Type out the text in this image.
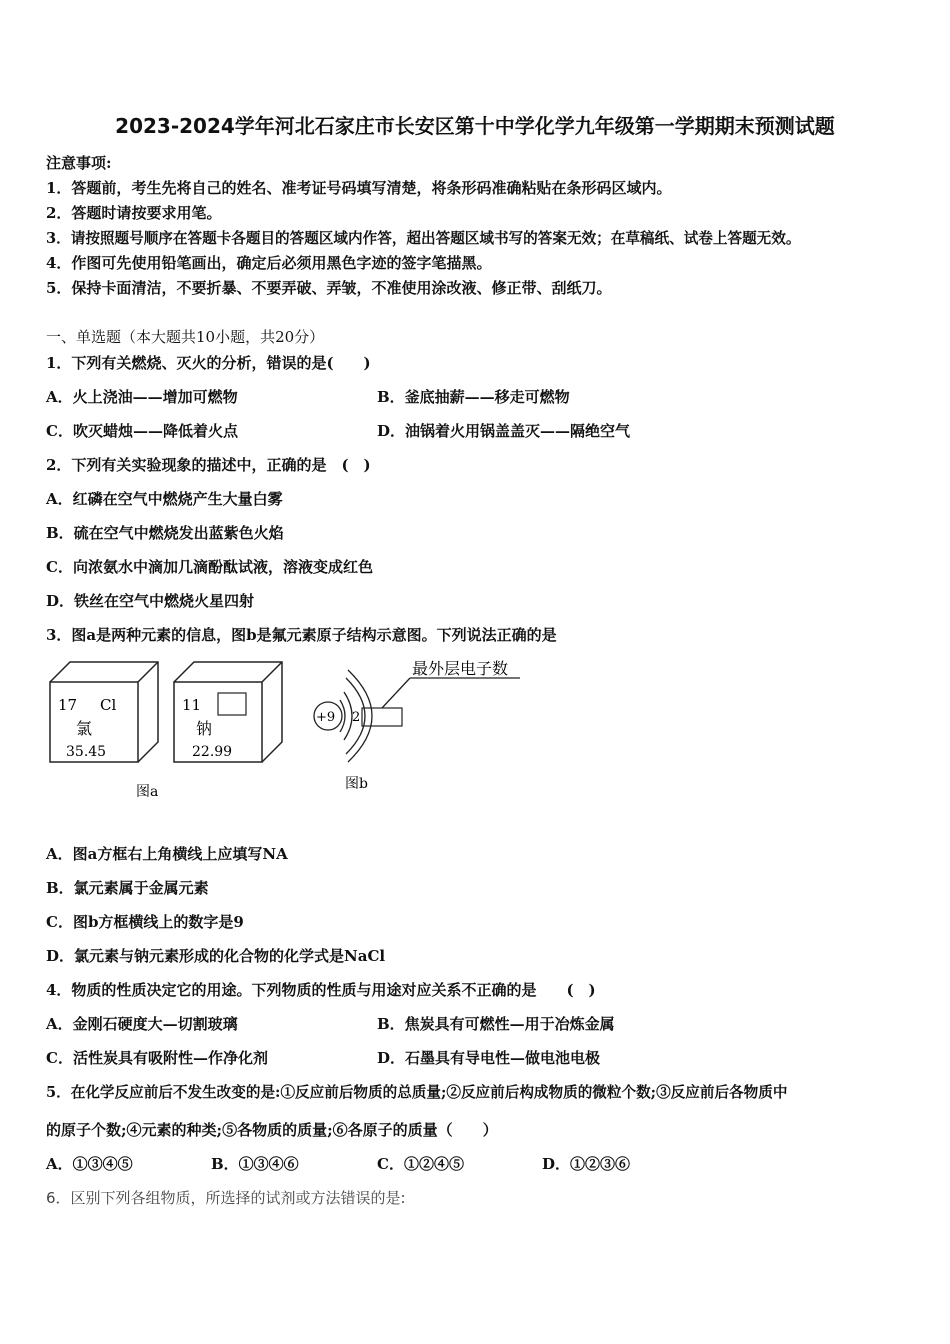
2023-2024学年河北石家庄市长安区第十中学化学九年级第一学期期末预测试题
注意事项:
1．答题前，考生先将自己的姓名、准考证号码填写清楚，将条形码准确粘贴在条形码区域内。
2．答题时请按要求用笔。
3．请按照题号顺序在答题卡各题目的答题区域内作答，超出答题区域书写的答案无效；在草稿纸、试卷上答题无效。
4．作图可先使用铅笔画出，确定后必须用黑色字迹的签字笔描黑。
5．保持卡面清洁，不要折暴、不要弄破、弄皱，不准使用涂改液、修正带、刮纸刀。
一、单选题（本大题共10小题，共20分）
1．下列有关燃烧、灭火的分析，错误的是(　　)
A．火上浇油——增加可燃物	B．釜底抽薪——移走可燃物
C．吹灭蜡烛——降低着火点	D．油锅着火用锅盖盖灭——隔绝空气
2．下列有关实验现象的描述中，正确的是　(　)
A．红磷在空气中燃烧产生大量白雾
B．硫在空气中燃烧发出蓝紫色火焰
C．向浓氨水中滴加几滴酚酞试液，溶液变成红色
D．铁丝在空气中燃烧火星四射
3．图a是两种元素的信息，图b是氟元素原子结构示意图。下列说法正确的是
17 Cl
氯
35.45
图a
11
钠
22.99
+9 2
最外层电子数
图b
A．图a方框右上角横线上应填写NA
B．氯元素属于金属元素
C．图b方框横线上的数字是9
D．氯元素与钠元素形成的化合物的化学式是NaCl
4．物质的性质决定它的用途。下列物质的性质与用途对应关系不正确的是　　(　)
A．金刚石硬度大—切割玻璃	B．焦炭具有可燃性—用于冶炼金属
C．活性炭具有吸附性—作净化剂	D．石墨具有导电性—做电池电极
5．在化学反应前后不发生改变的是:①反应前后物质的总质量;②反应前后构成物质的微粒个数;③反应前后各物质中
的原子个数;④元素的种类;⑤各物质的质量;⑥各原子的质量（　　）
A．①③④⑤	B．①③④⑥	C．①②④⑤	D．①②③⑥
6．区别下列各组物质，所选择的试剂或方法错误的是:
